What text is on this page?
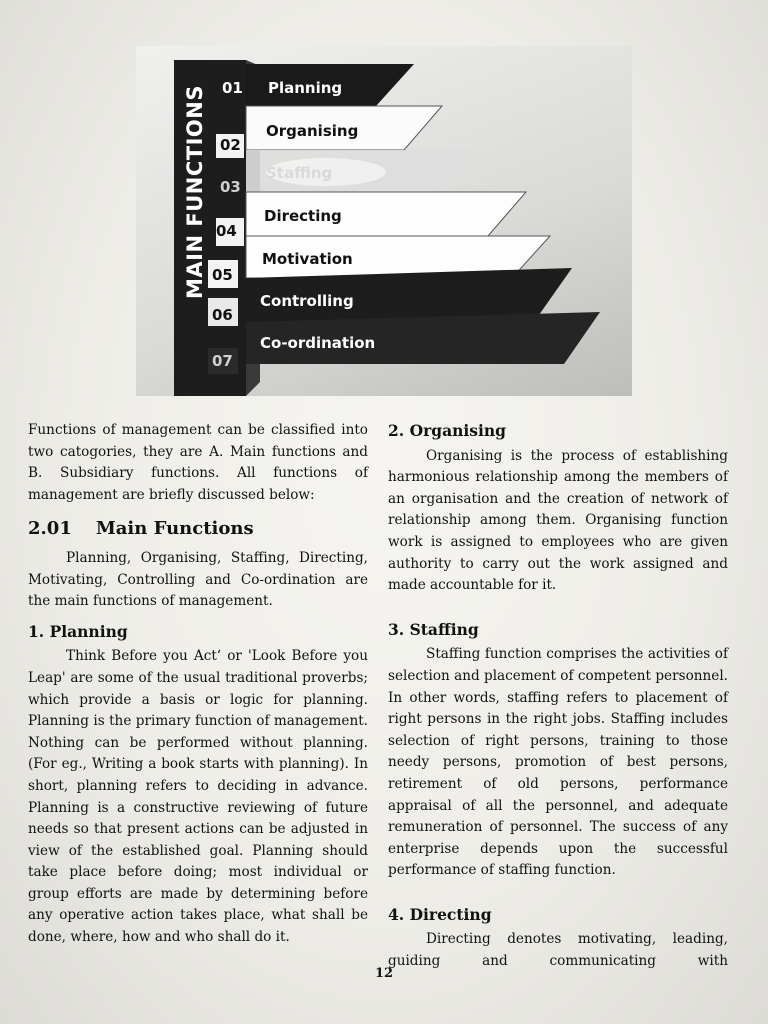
MAIN FUNCTIONS 01 Planning
02
Organising
03
Staffing
04
Directing
05
Motivation
06
Controlling
07
Co-ordination

Functions of management can be classified into two catogories, they are A. Main functions and B. Subsidiary functions. All functions of management are briefly discussed below:

2.01 Main Functions

Planning, Organising, Staffing, Directing, Motivating, Controlling and Co-ordination are the main functions of management.

1. Planning

Think Before you Act‘ or 'Look Before you Leap' are some of the usual traditional proverbs; which provide a basis or logic for planning. Planning is the primary function of management. Nothing can be performed without planning. (For eg., Writing a book starts with planning). In short, planning refers to deciding in advance. Planning is a constructive reviewing of future needs so that present actions can be adjusted in view of the established goal. Planning should take place before doing; most individual or group efforts are made by determining before any operative action takes place, what shall be done, where, how and who shall do it.

2. Organising

Organising is the process of establishing harmonious relationship among the members of an organisation and the creation of network of relationship among them. Organising function work is assigned to employees who are given authority to carry out the work assigned and made accountable for it.

3. Staffing

Staffing function comprises the activities of selection and placement of competent personnel. In other words, staffing refers to placement of right persons in the right jobs. Staffing includes selection of right persons, training to those needy persons, promotion of best persons, retirement of old persons, performance appraisal of all the personnel, and adequate remuneration of personnel. The success of any enterprise depends upon the successful performance of staffing function.

4. Directing

Directing denotes motivating, leading, guiding and communicating with

12
